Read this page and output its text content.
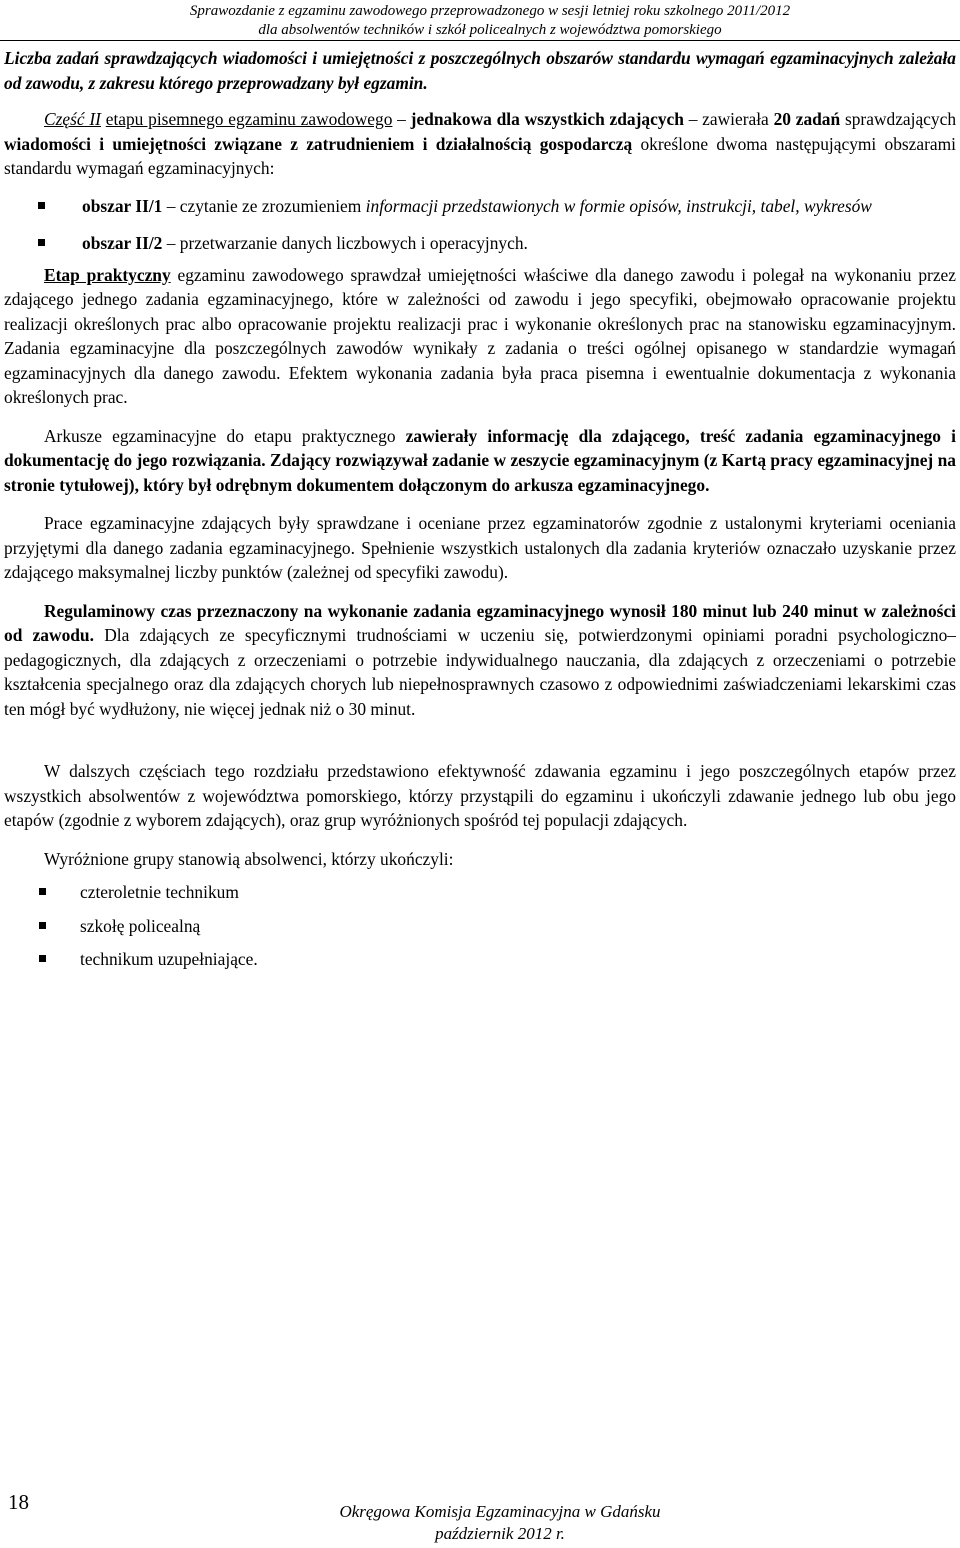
Sprawozdanie z egzaminu zawodowego przeprowadzonego w sesji letniej roku szkolnego 2011/2012
dla absolwentów techników i szkół policealnych z województwa pomorskiego

Liczba zadań sprawdzających wiadomości i umiejętności z poszczególnych obszarów standardu wymagań egzaminacyjnych zależała od zawodu, z zakresu którego przeprowadzany był egzamin.

Część II etapu pisemnego egzaminu zawodowego – jednakowa dla wszystkich zdających – zawierała 20 zadań sprawdzających wiadomości i umiejętności związane z zatrudnieniem i działalnością gospodarczą określone dwoma następującymi obszarami standardu wymagań egzaminacyjnych:

obszar II/1 – czytanie ze zrozumieniem informacji przedstawionych w formie opisów, instrukcji, tabel, wykresów
obszar II/2 – przetwarzanie danych liczbowych i operacyjnych.

Etap praktyczny egzaminu zawodowego sprawdzał umiejętności właściwe dla danego zawodu i polegał na wykonaniu przez zdającego jednego zadania egzaminacyjnego, które w zależności od zawodu i jego specyfiki, obejmowało opracowanie projektu realizacji określonych prac albo opracowanie projektu realizacji prac i wykonanie określonych prac na stanowisku egzaminacyjnym. Zadania egzaminacyjne dla poszczególnych zawodów wynikały z zadania o treści ogólnej opisanego w standardzie wymagań egzaminacyjnych dla danego zawodu. Efektem wykonania zadania była praca pisemna i ewentualnie dokumentacja z wykonania określonych prac.

Arkusze egzaminacyjne do etapu praktycznego zawierały informację dla zdającego, treść zadania egzaminacyjnego i dokumentację do jego rozwiązania. Zdający rozwiązywał zadanie w zeszycie egzaminacyjnym (z Kartą pracy egzaminacyjnej na stronie tytułowej), który był odrębnym dokumentem dołączonym do arkusza egzaminacyjnego.

Prace egzaminacyjne zdających były sprawdzane i oceniane przez egzaminatorów zgodnie z ustalonymi kryteriami oceniania przyjętymi dla danego zadania egzaminacyjnego. Spełnienie wszystkich ustalonych dla zadania kryteriów oznaczało uzyskanie przez zdającego maksymalnej liczby punktów (zależnej od specyfiki zawodu).

Regulaminowy czas przeznaczony na wykonanie zadania egzaminacyjnego wynosił 180 minut lub 240 minut w zależności od zawodu. Dla zdających ze specyficznymi trudnościami w uczeniu się, potwierdzonymi opiniami poradni psychologiczno–pedagogicznych, dla zdających z orzeczeniami o potrzebie indywidualnego nauczania, dla zdających z orzeczeniami o potrzebie kształcenia specjalnego oraz dla zdających chorych lub niepełnosprawnych czasowo z odpowiednimi zaświadczeniami lekarskimi czas ten mógł być wydłużony, nie więcej jednak niż o 30 minut.

W dalszych częściach tego rozdziału przedstawiono efektywność zdawania egzaminu i jego poszczególnych etapów przez wszystkich absolwentów z województwa pomorskiego, którzy przystąpili do egzaminu i ukończyli zdawanie jednego lub obu jego etapów (zgodnie z wyborem zdających), oraz grup wyróżnionych spośród tej populacji zdających.

Wyróżnione grupy stanowią absolwenci, którzy ukończyli:

czteroletnie technikum
szkołę policealną
technikum uzupełniające.
18	Okręgowa Komisja Egzaminacyjna w Gdańsku
październik 2012 r.
